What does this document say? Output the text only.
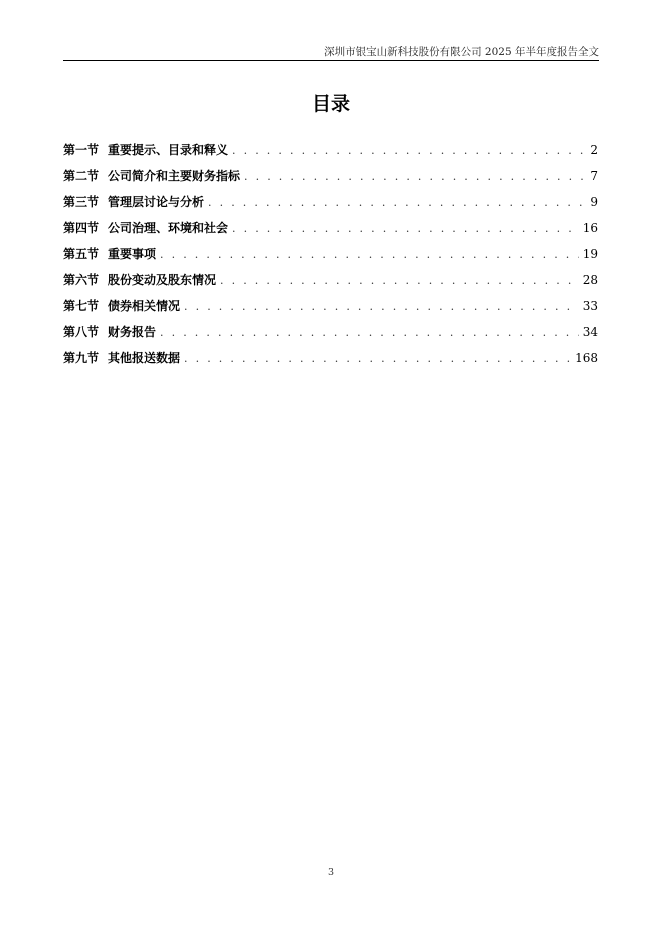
深圳市银宝山新科技股份有限公司 2025 年半年度报告全文
目录
第一节 重要提示、目录和释义 . . .	2
第二节 公司简介和主要财务指标 . . .	7
第三节 管理层讨论与分析 . . .	9
第四节 公司治理、环境和社会 . . .	16
第五节 重要事项 . . .	19
第六节 股份变动及股东情况 . . .	28
第七节 债券相关情况 . . .	33
第八节 财务报告 . . .	34
第九节 其他报送数据 . . .	168
3
